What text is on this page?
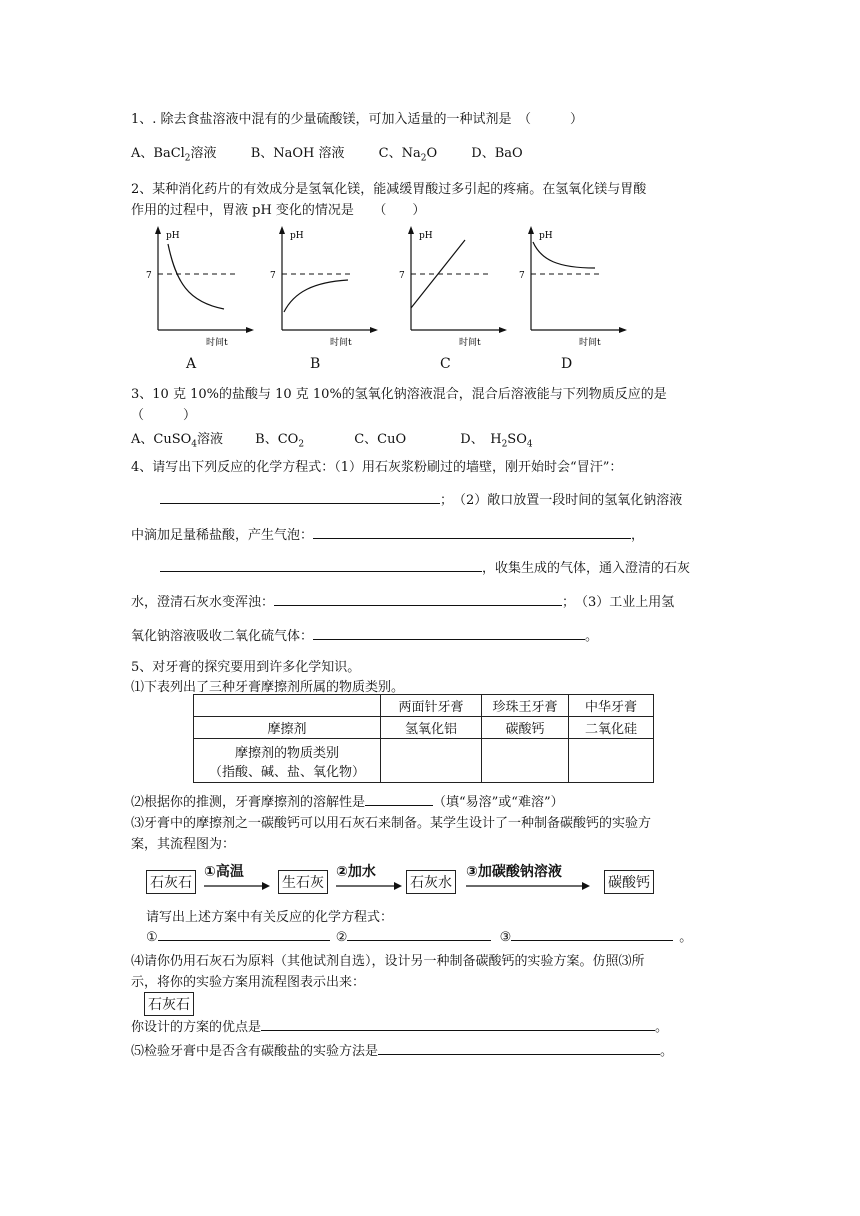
1、. 除去食盐溶液中混有的少量硫酸镁，可加入适量的一种试剂是　（　　　）
A、BaCl$_2$溶液	B、NaOH 溶液	C、$Na_2O$	D、BaO
2、某种消化药片的有效成分是氢氧化镁，能减缓胃酸过多引起的疼痛。在氢氧化镁与胃酸
作用的过程中，胃液 pH 变化的情况是　　（　　）
pH
7
时间t
pH
7
时间t
pH
7
时间t
pH
7
时间t
A	B	C	D
3、10 克 10%的盐酸与 10 克 10%的氢氧化钠溶液混合，混合后溶液能与下列物质反应的是
（　　　）
A、CuSO$_4$溶液 B、$CO_2$	C、CuO	D、　$H_2SO_4$
4、请写出下列反应的化学方程式：（1）用石灰浆粉刷过的墙壁，刚开始时会“冒汗”：
；　（2）敞口放置一段时间的氢氧化钠溶液
中滴加足量稀盐酸，产生气泡：	，
，收集生成的气体，通入澄清的石灰
水，澄清石灰水变浑浊：	；　（3）工业上用氢
氧化钠溶液吸收二氧化硫气体：	。
5、对牙膏的探究要用到许多化学知识。
⑴下表列出了三种牙膏摩擦剂所属的物质类别。
	两面针牙膏	珍珠王牙膏	中华牙膏
摩擦剂	氢氧化铝	碳酸钙	二氧化硅

摩擦剂的物质类别
（指酸、碱、盐、氧化物）			

⑵根据你的推测，牙膏摩擦剂的溶解性是	（填“易溶”或“难溶”）
⑶牙膏中的摩擦剂之一碳酸钙可以用石灰石来制备。某学生设计了一种制备碳酸钙的实验方
案，其流程图为：
石灰石
①高温
生石灰
②加水
石灰水
③加碳酸钠溶液
碳酸钙
请写出上述方案中有关反应的化学方程式：
①	②	③	。
⑷请你仍用石灰石为原料（其他试剂自选），设计另一种制备碳酸钙的实验方案。仿照⑶所
示，将你的实验方案用流程图表示出来：
石灰石
你设计的方案的优点是	。
⑸检验牙膏中是否含有碳酸盐的实验方法是	。
